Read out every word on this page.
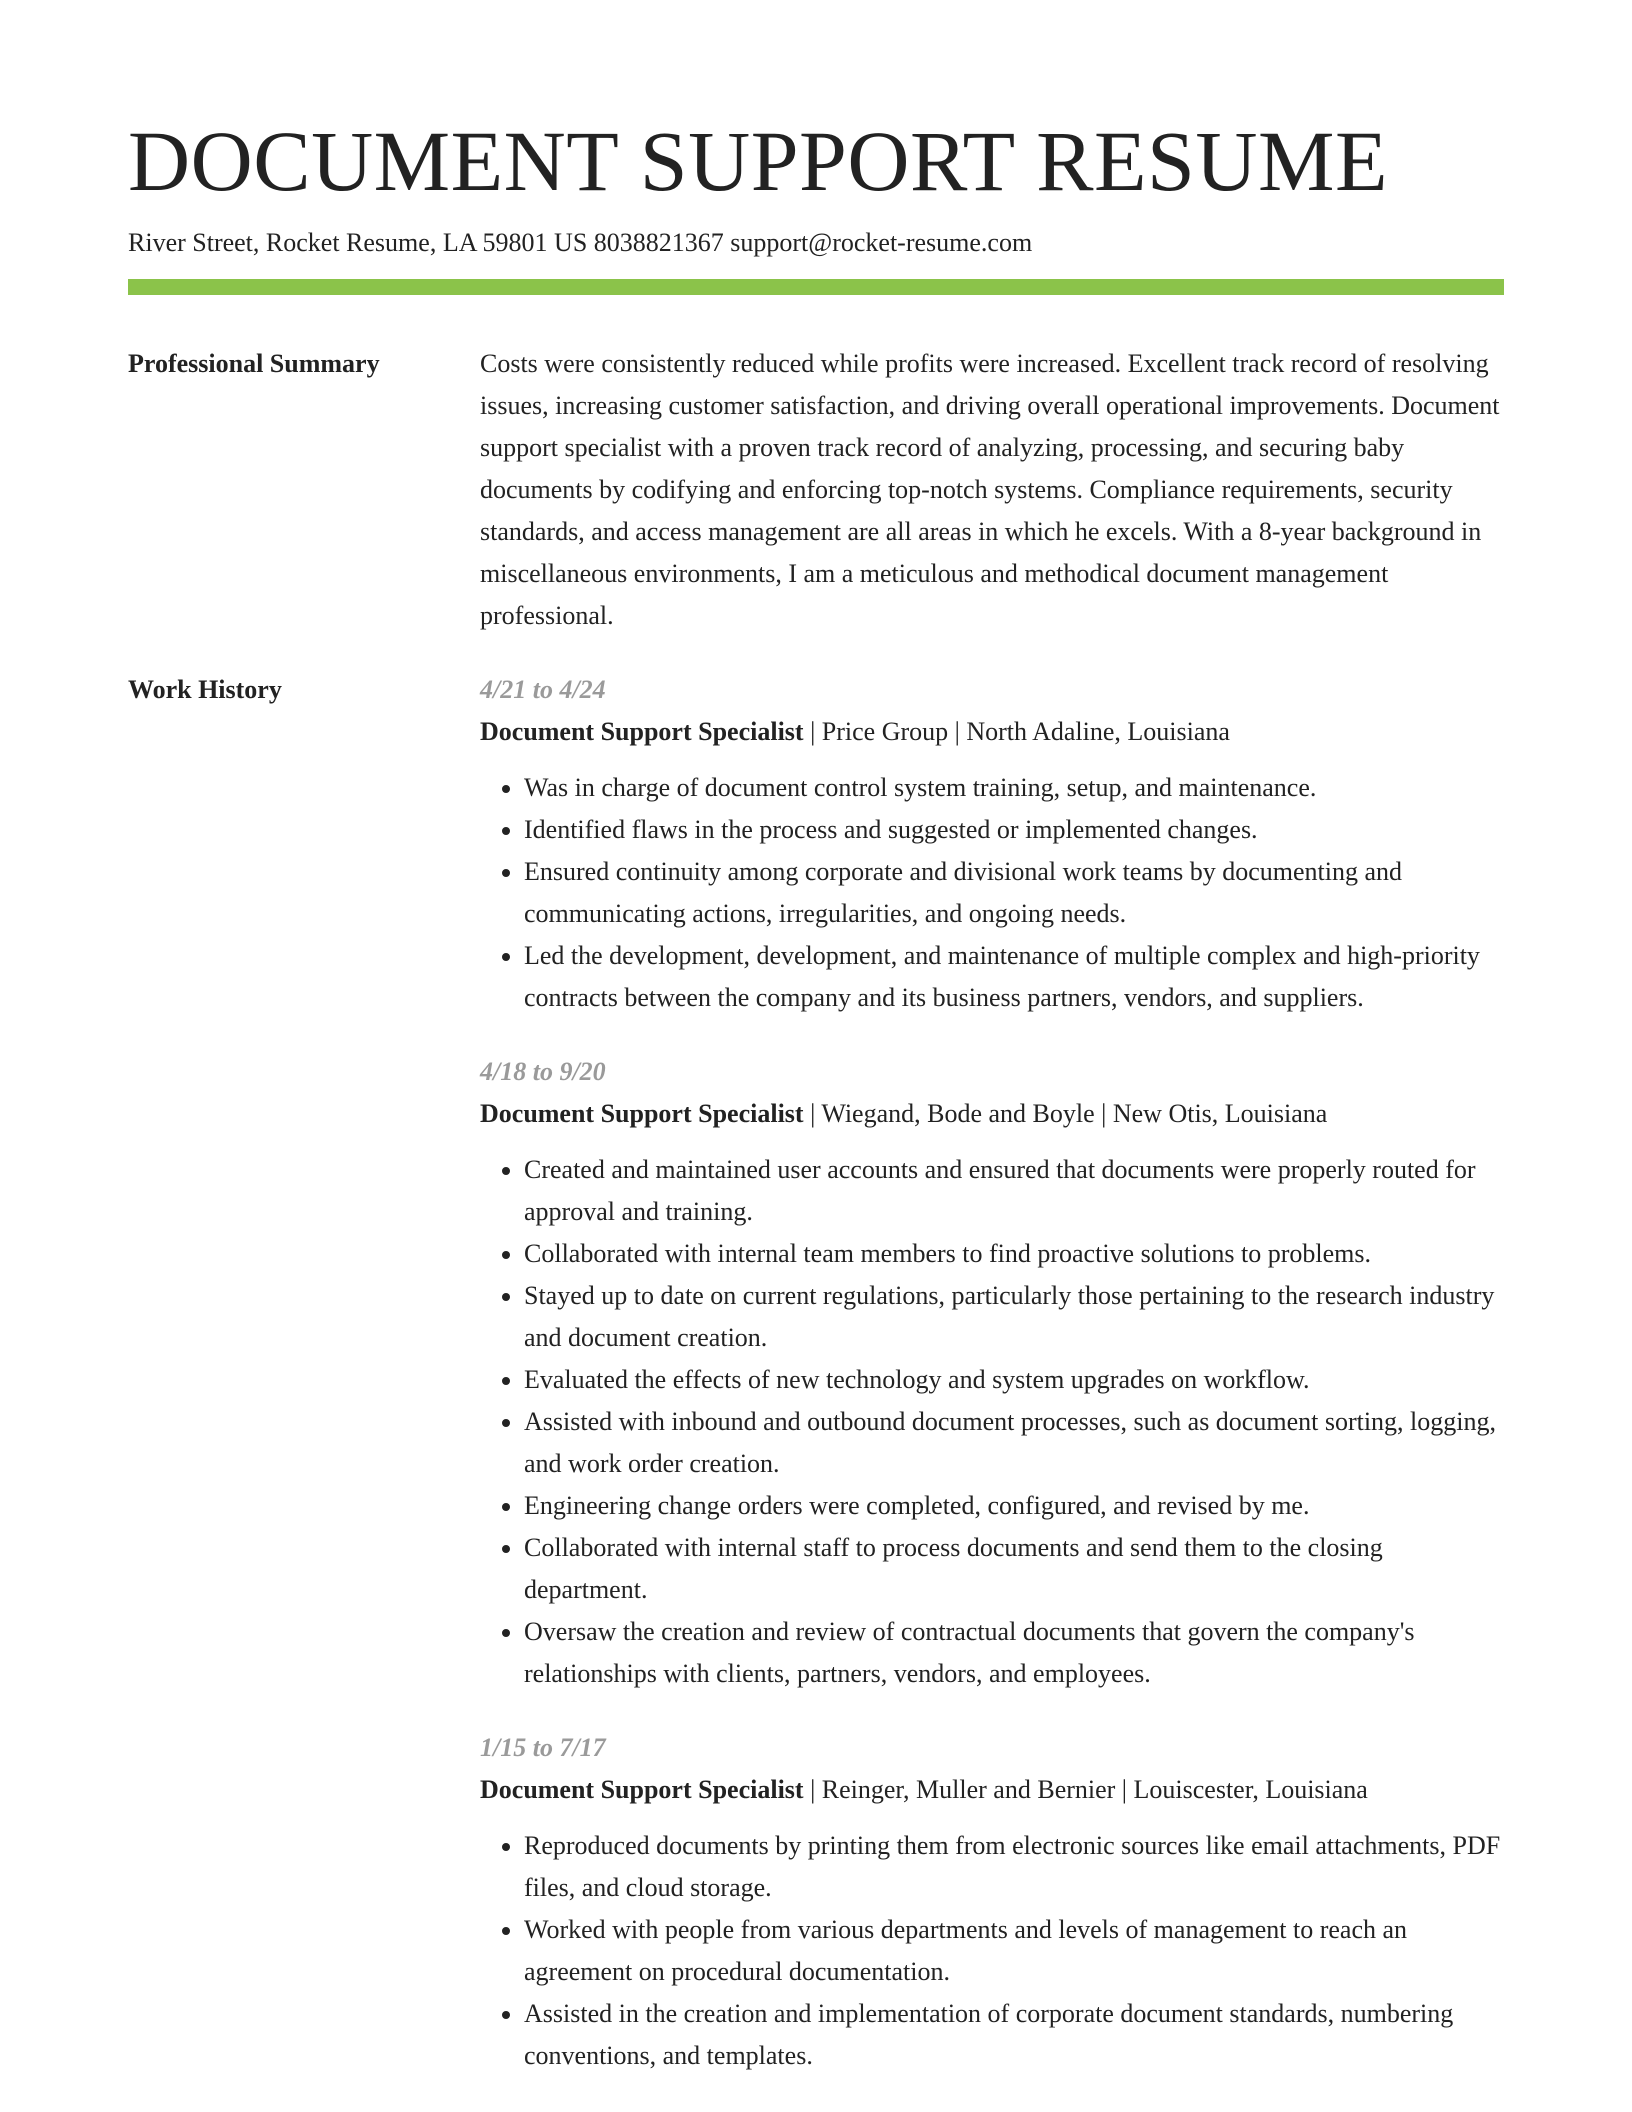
DOCUMENT SUPPORT RESUME

River Street, Rocket Resume, LA 59801 US 8038821367 support@rocket-resume.com

Professional Summary	Costs were consistently reduced while profits were increased. Excellent track record of resolving issues, increasing customer satisfaction, and driving overall operational improvements. Document support specialist with a proven track record of analyzing, processing, and securing baby documents by codifying and enforcing top-notch systems. Compliance requirements, security standards, and access management are all areas in which he excels. With a 8-year background in miscellaneous environments, I am a meticulous and methodical document management professional.

Work History	4/21 to 4/24

Document Support Specialist | Price Group | North Adaline, Louisiana

• Was in charge of document control system training, setup, and maintenance.
• Identified flaws in the process and suggested or implemented changes.
• Ensured continuity among corporate and divisional work teams by documenting and communicating actions, irregularities, and ongoing needs.
• Led the development, development, and maintenance of multiple complex and high-priority contracts between the company and its business partners, vendors, and suppliers.

4/18 to 9/20

Document Support Specialist | Wiegand, Bode and Boyle | New Otis, Louisiana

• Created and maintained user accounts and ensured that documents were properly routed for approval and training.
• Collaborated with internal team members to find proactive solutions to problems.
• Stayed up to date on current regulations, particularly those pertaining to the research industry and document creation.
• Evaluated the effects of new technology and system upgrades on workflow.
• Assisted with inbound and outbound document processes, such as document sorting, logging, and work order creation.
• Engineering change orders were completed, configured, and revised by me.
• Collaborated with internal staff to process documents and send them to the closing department.
• Oversaw the creation and review of contractual documents that govern the company's relationships with clients, partners, vendors, and employees.

1/15 to 7/17

Document Support Specialist | Reinger, Muller and Bernier | Louiscester, Louisiana

• Reproduced documents by printing them from electronic sources like email attachments, PDF files, and cloud storage.
• Worked with people from various departments and levels of management to reach an agreement on procedural documentation.
• Assisted in the creation and implementation of corporate document standards, numbering conventions, and templates.
